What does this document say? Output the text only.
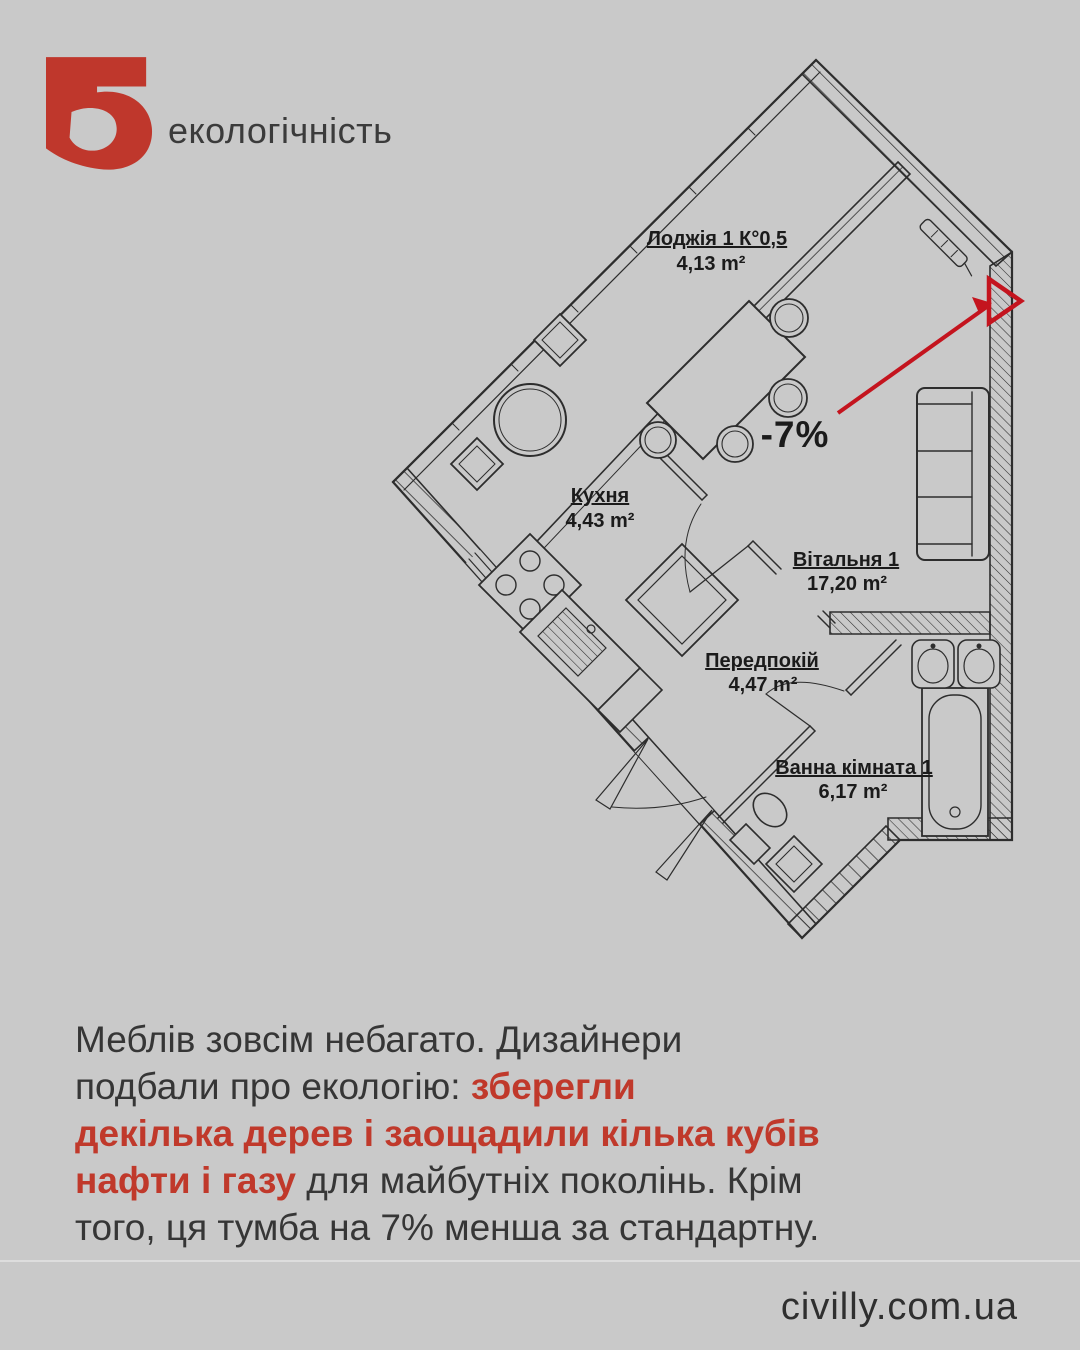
екологічність
Лоджія 1 К°0,5
4,13 m²
Кухня
4,43 m²
Вітальня 1
17,20 m²
Передпокій
4,47 m²
Ванна кімната 1
6,17 m²
-7%
Меблів зовсім небагато. Дизайнери
подбали про екологію: зберегли
декілька дерев і заощадили кілька кубів
нафти і газу для майбутніх поколінь. Крім
того, ця тумба на 7% менша за стандартну.
civilly.com.ua
